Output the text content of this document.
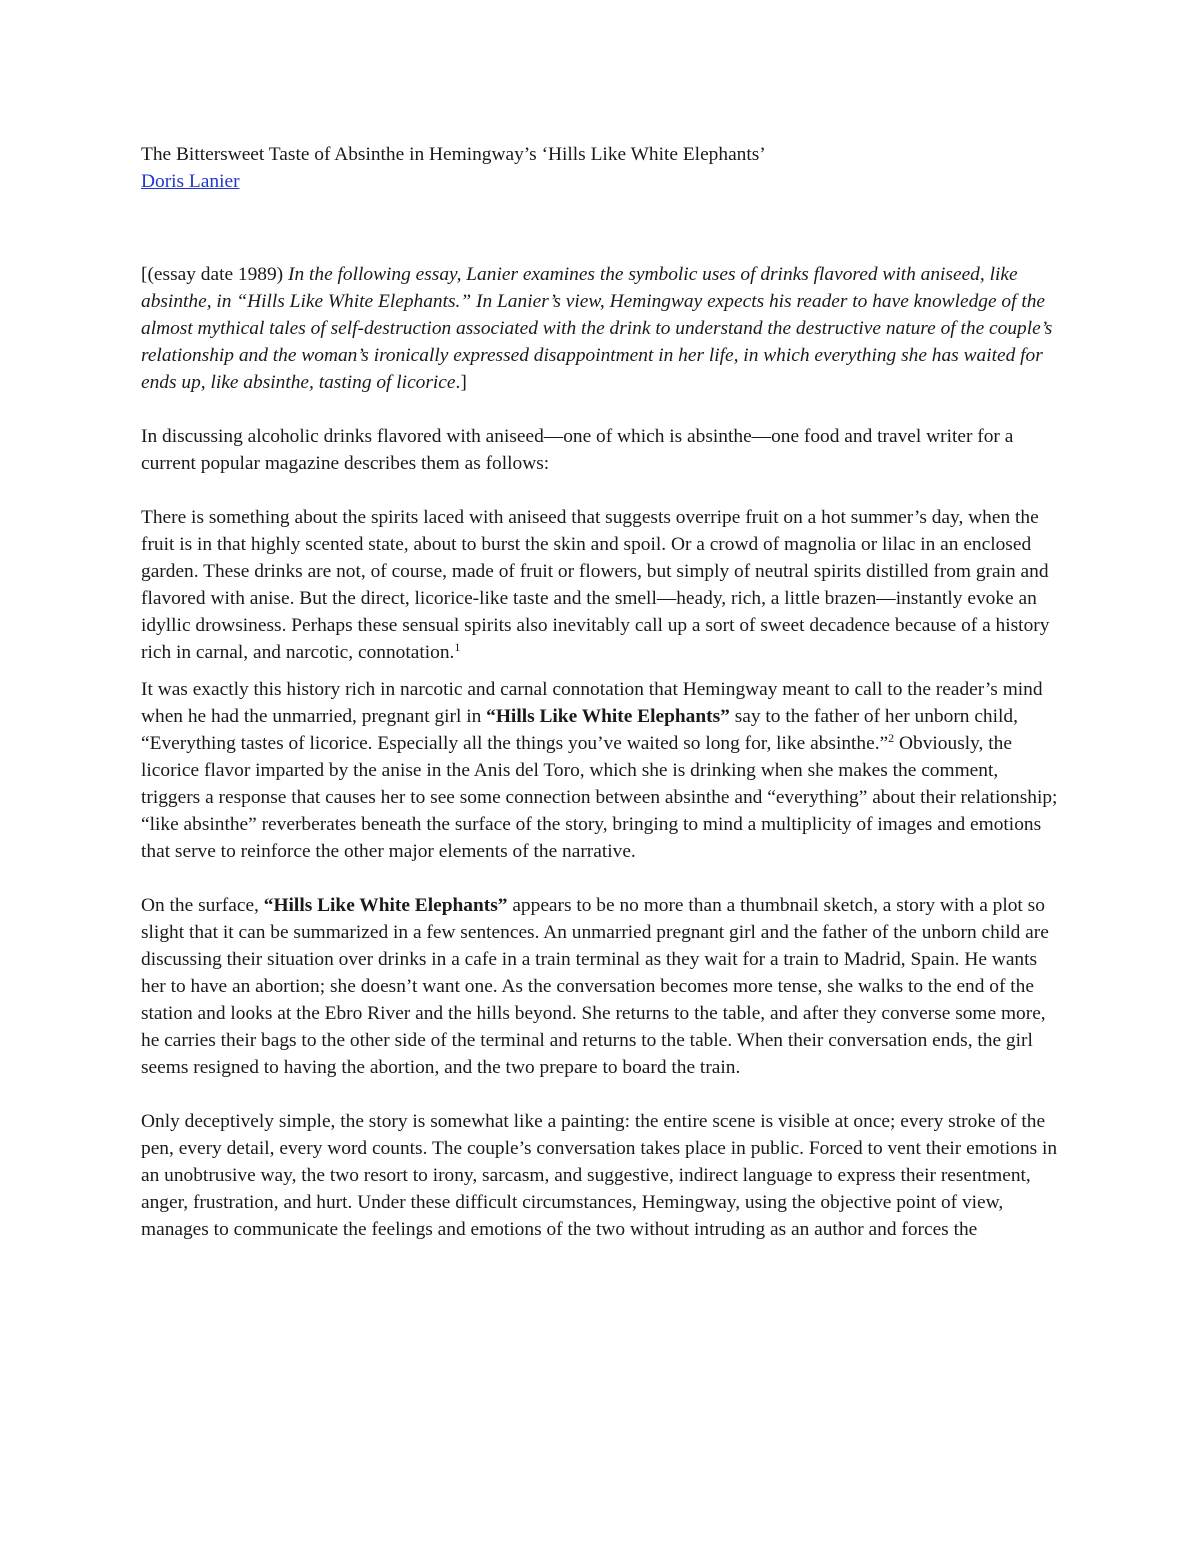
The Bittersweet Taste of Absinthe in Hemingway’s ‘Hills Like White Elephants’

Doris Lanier

[(essay date 1989) In the following essay, Lanier examines the symbolic uses of drinks flavored with aniseed, like absinthe, in “Hills Like White Elephants.” In Lanier’s view, Hemingway expects his reader to have knowledge of the almost mythical tales of self-destruction associated with the drink to understand the destructive nature of the couple’s relationship and the woman’s ironically expressed disappointment in her life, in which everything she has waited for ends up, like absinthe, tasting of licorice.]

In discussing alcoholic drinks flavored with aniseed—one of which is absinthe—one food and travel writer for a current popular magazine describes them as follows:

There is something about the spirits laced with aniseed that suggests overripe fruit on a hot summer’s day, when the fruit is in that highly scented state, about to burst the skin and spoil. Or a crowd of magnolia or lilac in an enclosed garden. These drinks are not, of course, made of fruit or flowers, but simply of neutral spirits distilled from grain and flavored with anise. But the direct, licorice-like taste and the smell—heady, rich, a little brazen—instantly evoke an idyllic drowsiness. Perhaps these sensual spirits also inevitably call up a sort of sweet decadence because of a history rich in carnal, and narcotic, connotation.$^1$

It was exactly this history rich in narcotic and carnal connotation that Hemingway meant to call to the reader’s mind when he had the unmarried, pregnant girl in “Hills Like White Elephants” say to the father of her unborn child, “Everything tastes of licorice. Especially all the things you’ve waited so long for, like absinthe.”$^2$ Obviously, the licorice flavor imparted by the anise in the Anis del Toro, which she is drinking when she makes the comment, triggers a response that causes her to see some connection between absinthe and “everything” about their relationship; “like absinthe” reverberates beneath the surface of the story, bringing to mind a multiplicity of images and emotions that serve to reinforce the other major elements of the narrative.

On the surface, “Hills Like White Elephants” appears to be no more than a thumbnail sketch, a story with a plot so slight that it can be summarized in a few sentences. An unmarried pregnant girl and the father of the unborn child are discussing their situation over drinks in a cafe in a train terminal as they wait for a train to Madrid, Spain. He wants her to have an abortion; she doesn’t want one. As the conversation becomes more tense, she walks to the end of the station and looks at the Ebro River and the hills beyond. She returns to the table, and after they converse some more, he carries their bags to the other side of the terminal and returns to the table. When their conversation ends, the girl seems resigned to having the abortion, and the two prepare to board the train.

Only deceptively simple, the story is somewhat like a painting: the entire scene is visible at once; every stroke of the pen, every detail, every word counts. The couple’s conversation takes place in public. Forced to vent their emotions in an unobtrusive way, the two resort to irony, sarcasm, and suggestive, indirect language to express their resentment, anger, frustration, and hurt. Under these difficult circumstances, Hemingway, using the objective point of view, manages to communicate the feelings and emotions of the two without intruding as an author and forces the
